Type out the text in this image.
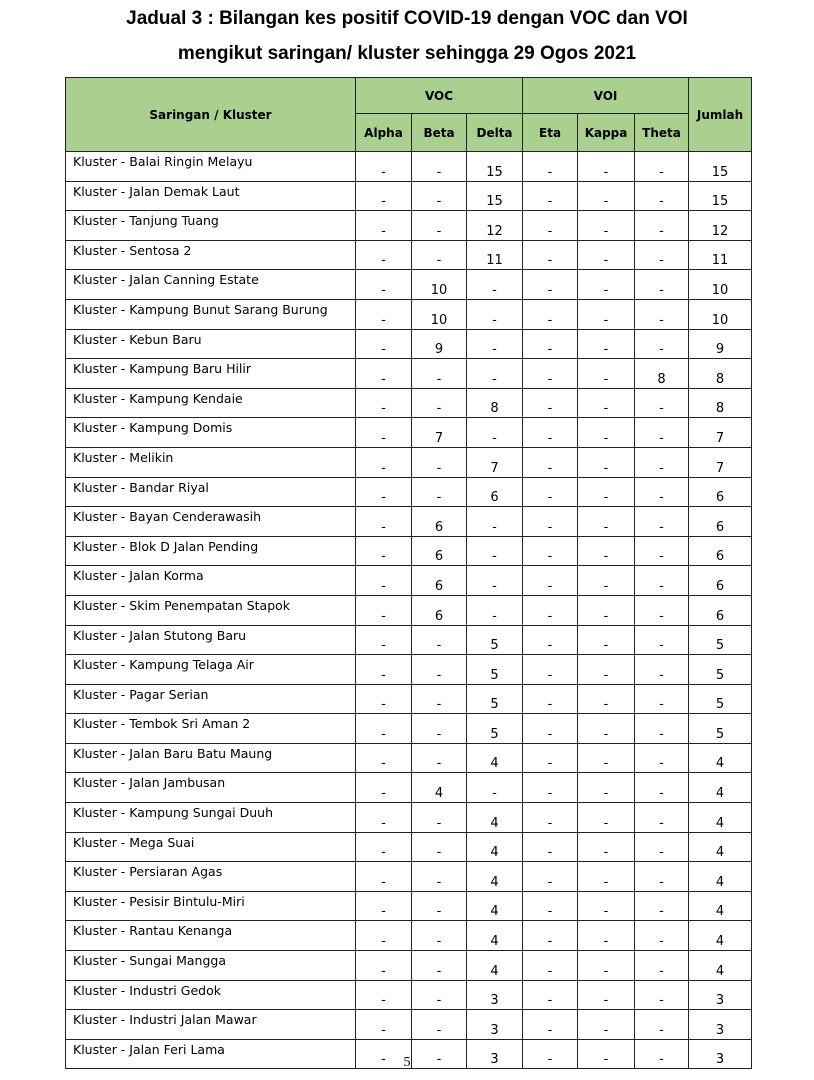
Jadual 3 : Bilangan kes positif COVID-19 dengan VOC dan VOI
mengikut saringan/ kluster sehingga 29 Ogos 2021
Saringan / Kluster	VOC			VOI			Jumlah
	Alpha	Beta	Delta	Eta	Kappa	Theta	
Kluster - Balai Ringin Melayu	-	-	15	-	-	-	15
Kluster - Jalan Demak Laut	-	-	15	-	-	-	15
Kluster - Tanjung Tuang	-	-	12	-	-	-	12
Kluster - Sentosa 2	-	-	11	-	-	-	11
Kluster - Jalan Canning Estate	-	10	-	-	-	-	10
Kluster - Kampung Bunut Sarang Burung	-	10	-	-	-	-	10
Kluster - Kebun Baru	-	9	-	-	-	-	9
Kluster - Kampung Baru Hilir	-	-	-	-	-	8	8
Kluster - Kampung Kendaie	-	-	8	-	-	-	8
Kluster - Kampung Domis	-	7	-	-	-	-	7
Kluster - Melikin	-	-	7	-	-	-	7
Kluster - Bandar Riyal	-	-	6	-	-	-	6
Kluster - Bayan Cenderawasih	-	6	-	-	-	-	6
Kluster - Blok D Jalan Pending	-	6	-	-	-	-	6
Kluster - Jalan Korma	-	6	-	-	-	-	6
Kluster - Skim Penempatan Stapok	-	6	-	-	-	-	6
Kluster - Jalan Stutong Baru	-	-	5	-	-	-	5
Kluster - Kampung Telaga Air	-	-	5	-	-	-	5
Kluster - Pagar Serian	-	-	5	-	-	-	5
Kluster - Tembok Sri Aman 2	-	-	5	-	-	-	5
Kluster - Jalan Baru Batu Maung	-	-	4	-	-	-	4
Kluster - Jalan Jambusan	-	4	-	-	-	-	4
Kluster - Kampung Sungai Duuh	-	-	4	-	-	-	4
Kluster - Mega Suai	-	-	4	-	-	-	4
Kluster - Persiaran Agas	-	-	4	-	-	-	4
Kluster - Pesisir Bintulu-Miri	-	-	4	-	-	-	4
Kluster - Rantau Kenanga	-	-	4	-	-	-	4
Kluster - Sungai Mangga	-	-	4	-	-	-	4
Kluster - Industri Gedok	-	-	3	-	-	-	3
Kluster - Industri Jalan Mawar	-	-	3	-	-	-	3
Kluster - Jalan Feri Lama	-	-	3	-	-	-	3
5
